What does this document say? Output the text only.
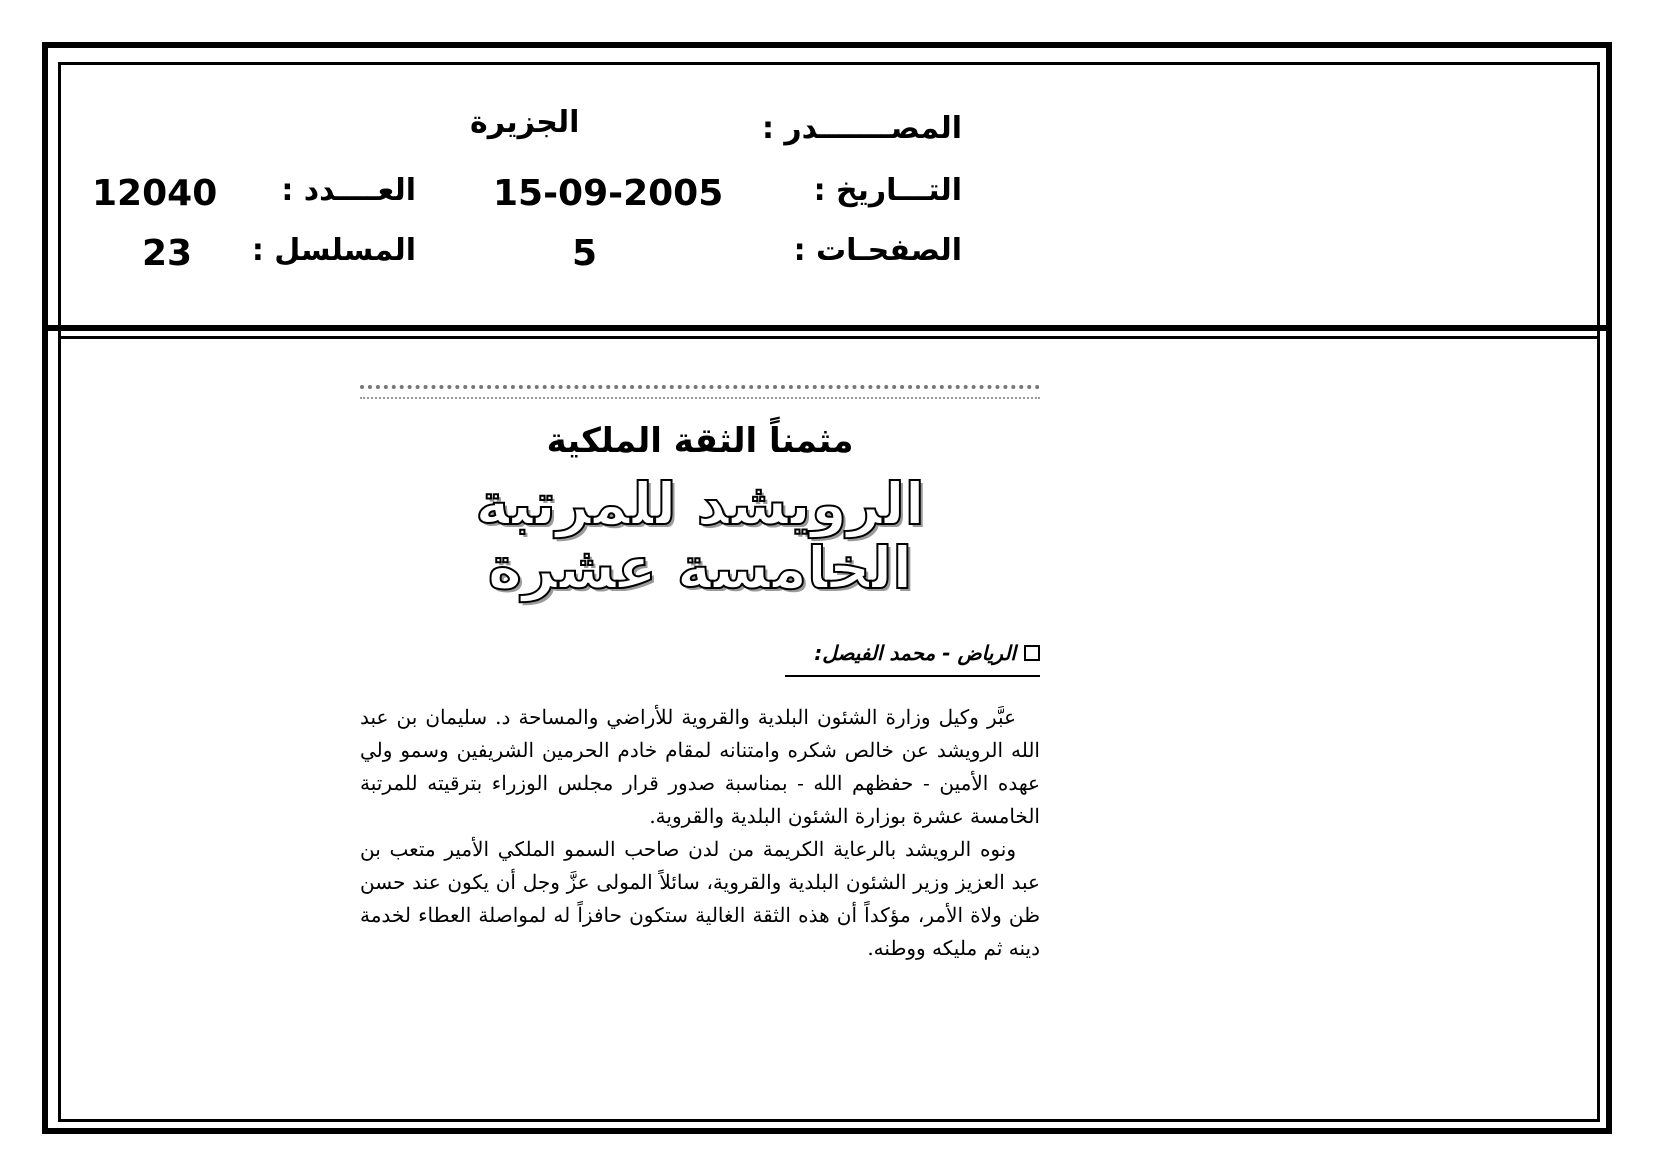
المصـــــــدر :
الجزيرة
التـــاريخ :
15-09-2005
العــــدد :
12040
الصفحـات :
5
المسلسل :
23
مثمناً الثقة الملكية
الرويشد للمرتبة الخامسة عشرة
الرياض - محمد الفيصل:

عبَّر وكيل وزارة الشئون البلدية والقروية للأراضي والمساحة د. سليمان بن عبد الله الرويشد عن خالص شكره وامتنانه لمقام خادم الحرمين الشريفين وسمو ولي عهده الأمين - حفظهم الله - بمناسبة صدور قرار مجلس الوزراء بترقيته للمرتبة الخامسة عشرة بوزارة الشئون البلدية والقروية.

ونوه الرويشد بالرعاية الكريمة من لدن صاحب السمو الملكي الأمير متعب بن عبد العزيز وزير الشئون البلدية والقروية، سائلاً المولى عزَّ وجل أن يكون عند حسن ظن ولاة الأمر، مؤكداً أن هذه الثقة الغالية ستكون حافزاً له لمواصلة العطاء لخدمة دينه ثم مليكه ووطنه.
